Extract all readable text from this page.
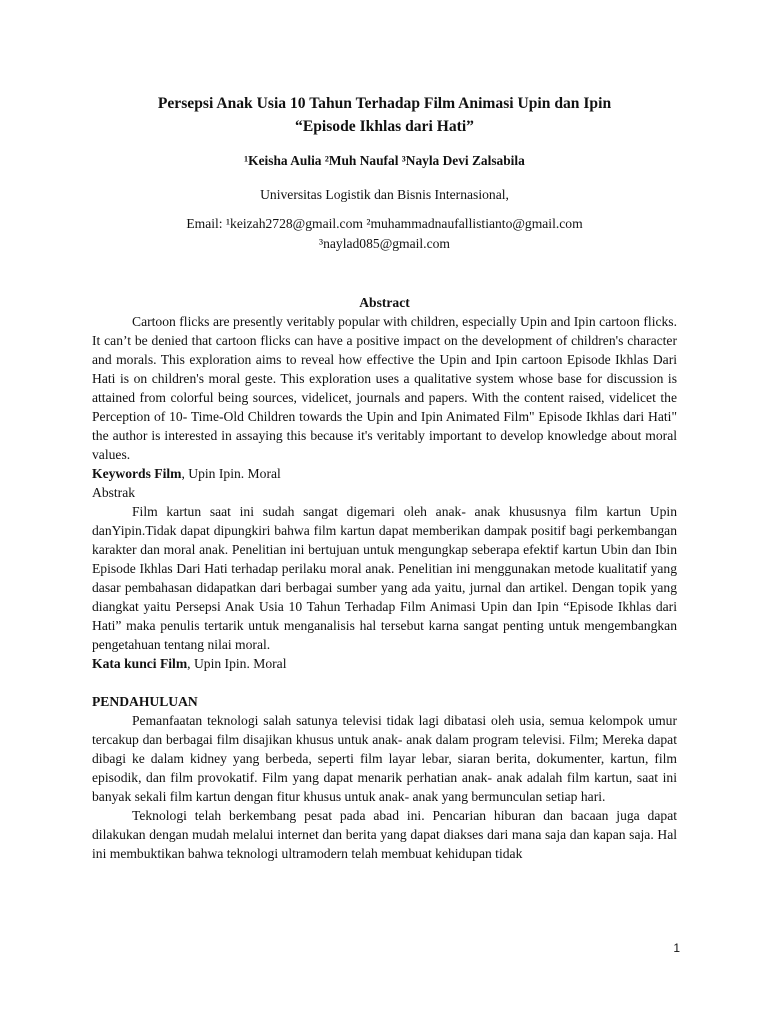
Persepsi Anak Usia 10 Tahun Terhadap Film Animasi Upin dan Ipin
“Episode Ikhlas dari Hati”
¹Keisha Aulia ²Muh Naufal ³Nayla Devi Zalsabila
Universitas Logistik dan Bisnis Internasional,
Email: ¹keizah2728@gmail.com ²muhammadnaufallistianto@gmail.com
³naylad085@gmail.com
Abstract

Cartoon flicks are presently veritably popular with children, especially Upin and Ipin cartoon flicks. It can’t be denied that cartoon flicks can have a positive impact on the development of children's character and morals. This exploration aims to reveal how effective the Upin and Ipin cartoon Episode Ikhlas Dari Hati is on children's moral geste. This exploration uses a qualitative system whose base for discussion is attained from colorful being sources, videlicet, journals and papers. With the content raised, videlicet the Perception of 10- Time-Old Children towards the Upin and Ipin Animated Film" Episode Ikhlas dari Hati" the author is interested in assaying this because it's veritably important to develop knowledge about moral values.

Keywords Film, Upin Ipin. Moral
Abstrak

Film kartun saat ini sudah sangat digemari oleh anak- anak khususnya film kartun Upin danYipin.Tidak dapat dipungkiri bahwa film kartun dapat memberikan dampak positif bagi perkembangan karakter dan moral anak. Penelitian ini bertujuan untuk mengungkap seberapa efektif kartun Ubin dan Ibin Episode Ikhlas Dari Hati terhadap perilaku moral anak. Penelitian ini menggunakan metode kualitatif yang dasar pembahasan didapatkan dari berbagai sumber yang ada yaitu, jurnal dan artikel. Dengan topik yang diangkat yaitu Persepsi Anak Usia 10 Tahun Terhadap Film Animasi Upin dan Ipin “Episode Ikhlas dari Hati” maka penulis tertarik untuk menganalisis hal tersebut karna sangat penting untuk mengembangkan pengetahuan tentang nilai moral.

Kata kunci Film, Upin Ipin. Moral
PENDAHULUAN

Pemanfaatan teknologi salah satunya televisi tidak lagi dibatasi oleh usia, semua kelompok umur tercakup dan berbagai film disajikan khusus untuk anak- anak dalam program televisi. Film; Mereka dapat dibagi ke dalam kidney yang berbeda, seperti film layar lebar, siaran berita, dokumenter, kartun, film episodik, dan film provokatif. Film yang dapat menarik perhatian anak- anak adalah film kartun, saat ini banyak sekali film kartun dengan fitur khusus untuk anak- anak yang bermunculan setiap hari.

Teknologi telah berkembang pesat pada abad ini. Pencarian hiburan dan bacaan juga dapat dilakukan dengan mudah melalui internet dan berita yang dapat diakses dari mana saja dan kapan saja. Hal ini membuktikan bahwa teknologi ultramodern telah membuat kehidupan tidak

1
